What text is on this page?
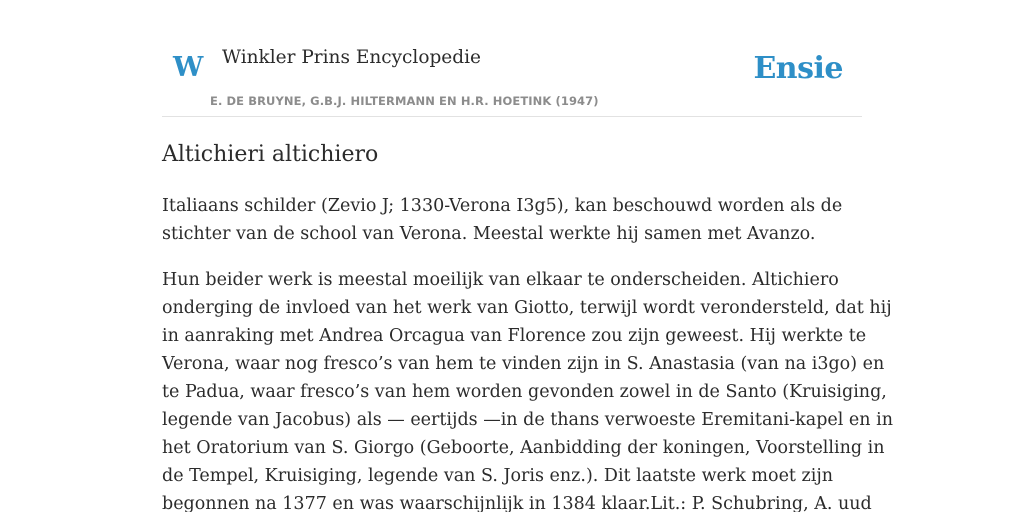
W Winkler Prins Encyclopedie
E. DE BRUYNE, G.B.J. HILTERMANN EN H.R. HOETINK (1947)
Ensie
Altichieri altichiero

Italiaans schilder (Zevio J; 1330-Verona I3g5), kan beschouwd worden als de
stichter van de school van Verona. Meestal werkte hij samen met Avanzo.

Hun beider werk is meestal moeilijk van elkaar te onderscheiden. Altichiero
onderging de invloed van het werk van Giotto, terwijl wordt verondersteld, dat hij
in aanraking met Andrea Orcagua van Florence zou zijn geweest. Hij werkte te
Verona, waar nog fresco’s van hem te vinden zijn in S. Anastasia (van na i3go) en
te Padua, waar fresco’s van hem worden gevonden zowel in de Santo (Kruisiging,
legende van Jacobus) als — eertijds —in de thans verwoeste Eremitani-kapel en in
het Oratorium van S. Giorgo (Geboorte, Aanbidding der koningen, Voorstelling in
de Tempel, Kruisiging, legende van S. Joris enz.). Dit laatste werk moet zijn
begonnen na 1377 en was waarschijnlijk in 1384 klaar.Lit.: P. Schubring, A. uud
